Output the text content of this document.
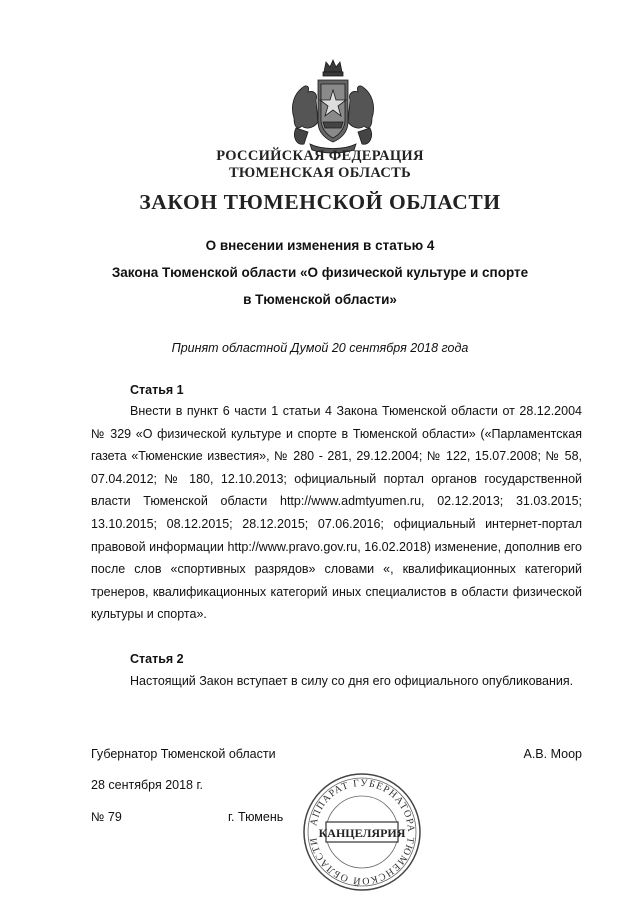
РОССИЙСКАЯ ФЕДЕРАЦИЯ
ТЮМЕНСКАЯ ОБЛАСТЬ
ЗАКОН ТЮМЕНСКОЙ ОБЛАСТИ
О внесении изменения в статью 4
Закона Тюменской области «О физической культуре и спорте
в Тюменской области»
Принят областной Думой 20 сентября 2018 года
Статья 1
Внести в пункт 6 части 1 статьи 4 Закона Тюменской области от 28.12.2004 № 329 «О физической культуре и спорте в Тюменской области» («Парламентская газета «Тюменские известия», № 280 - 281, 29.12.2004; № 122, 15.07.2008; № 58, 07.04.2012; № 180, 12.10.2013; официальный портал органов государственной власти Тюменской области http://www.admtyumen.ru, 02.12.2013; 31.03.2015; 13.10.2015; 08.12.2015; 28.12.2015; 07.06.2016; официальный интернет-портал правовой информации http://www.pravo.gov.ru, 16.02.2018) изменение, дополнив его после слов «спортивных разрядов» словами «, квалификационных категорий тренеров, квалификационных категорий иных специалистов в области физической культуры и спорта».
Статья 2
Настоящий Закон вступает в силу со дня его официального опубликования.
Губернатор Тюменской области	А.В. Моор
28 сентября 2018 г.
№ 79	г. Тюмень	АППАРАТ ГУБЕРНАТОРА ТЮМЕНСКОЙ ОБЛАСТИ
КАНЦЕЛЯРИЯ
